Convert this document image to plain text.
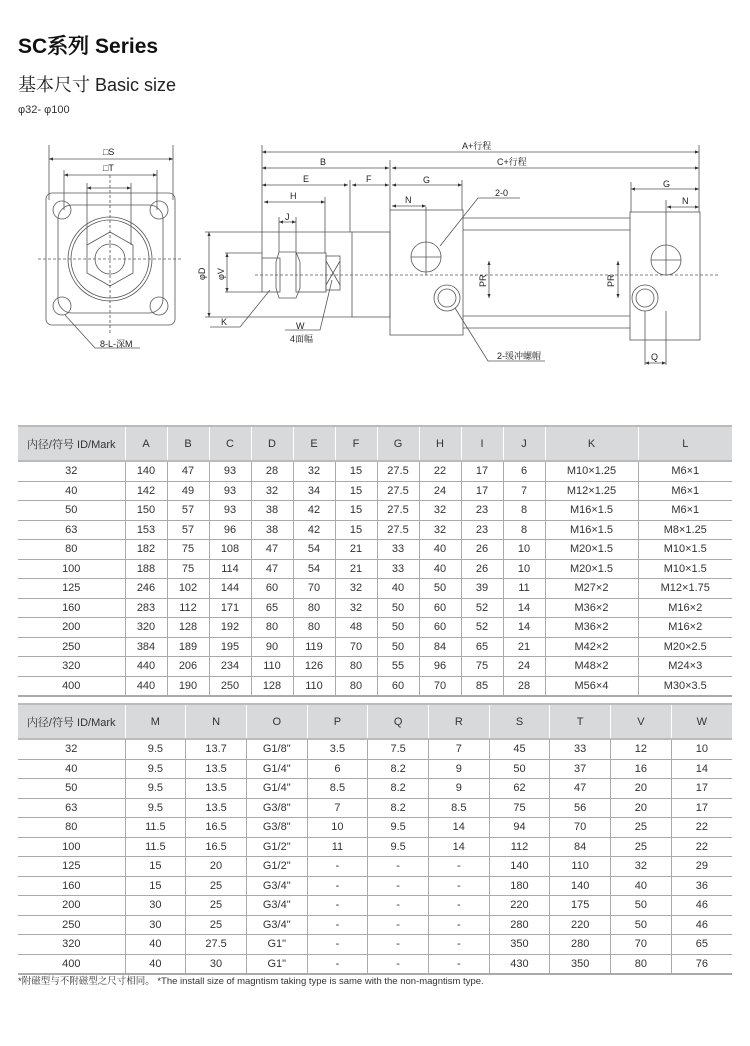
SC系列 Series
基本尺寸 Basic size
φ32- φ100
□S
□T
8-L-深M
A+行程
B	C+行程
E	F	G	G
N
H	N
J
2-0
φD φV
PR	PR
K	W
4面幅
2-缓冲螺帽	Q
内径/符号 ID/Mark	A	B	C	D	E	F	G	H	I	J	K	L
32	140	47	93	28	32	15	27.5	22	17	6	M10×1.25	M6×1
40	142	49	93	32	34	15	27.5	24	17	7	M12×1.25	M6×1
50	150	57	93	38	42	15	27.5	32	23	8	M16×1.5	M6×1
63	153	57	96	38	42	15	27.5	32	23	8	M16×1.5	M8×1.25
80	182	75	108	47	54	21	33	40	26	10	M20×1.5	M10×1.5
100	188	75	114	47	54	21	33	40	26	10	M20×1.5	M10×1.5
125	246	102	144	60	70	32	40	50	39	11	M27×2	M12×1.75
160	283	112	171	65	80	32	50	60	52	14	M36×2	M16×2
200	320	128	192	80	80	48	50	60	52	14	M36×2	M16×2
250	384	189	195	90	119	70	50	84	65	21	M42×2	M20×2.5
320	440	206	234	110	126	80	55	96	75	24	M48×2	M24×3
400	440	190	250	128	110	80	60	70	85	28	M56×4	M30×3.5
内径/符号 ID/Mark	M	N	O	P	Q	R	S	T	V	W
32	9.5	13.7	G1/8"	3.5	7.5	7	45	33	12	10
40	9.5	13.5	G1/4"	6	8.2	9	50	37	16	14
50	9.5	13.5	G1/4"	8.5	8.2	9	62	47	20	17
63	9.5	13.5	G3/8"	7	8.2	8.5	75	56	20	17
80	11.5	16.5	G3/8"	10	9.5	14	94	70	25	22
100	11.5	16.5	G1/2"	11	9.5	14	112	84	25	22
125	15	20	G1/2"	-	-	-	140	110	32	29
160	15	25	G3/4"	-	-	-	180	140	40	36
200	30	25	G3/4"	-	-	-	220	175	50	46
250	30	25	G3/4"	-	-	-	280	220	50	46
320	40	27.5	G1"	-	-	-	350	280	70	65
400	40	30	G1"	-	-	-	430	350	80	76
*附磁型与不附磁型之尺寸相同。 *The install size of magntism taking type is same with the non-magntism type.
